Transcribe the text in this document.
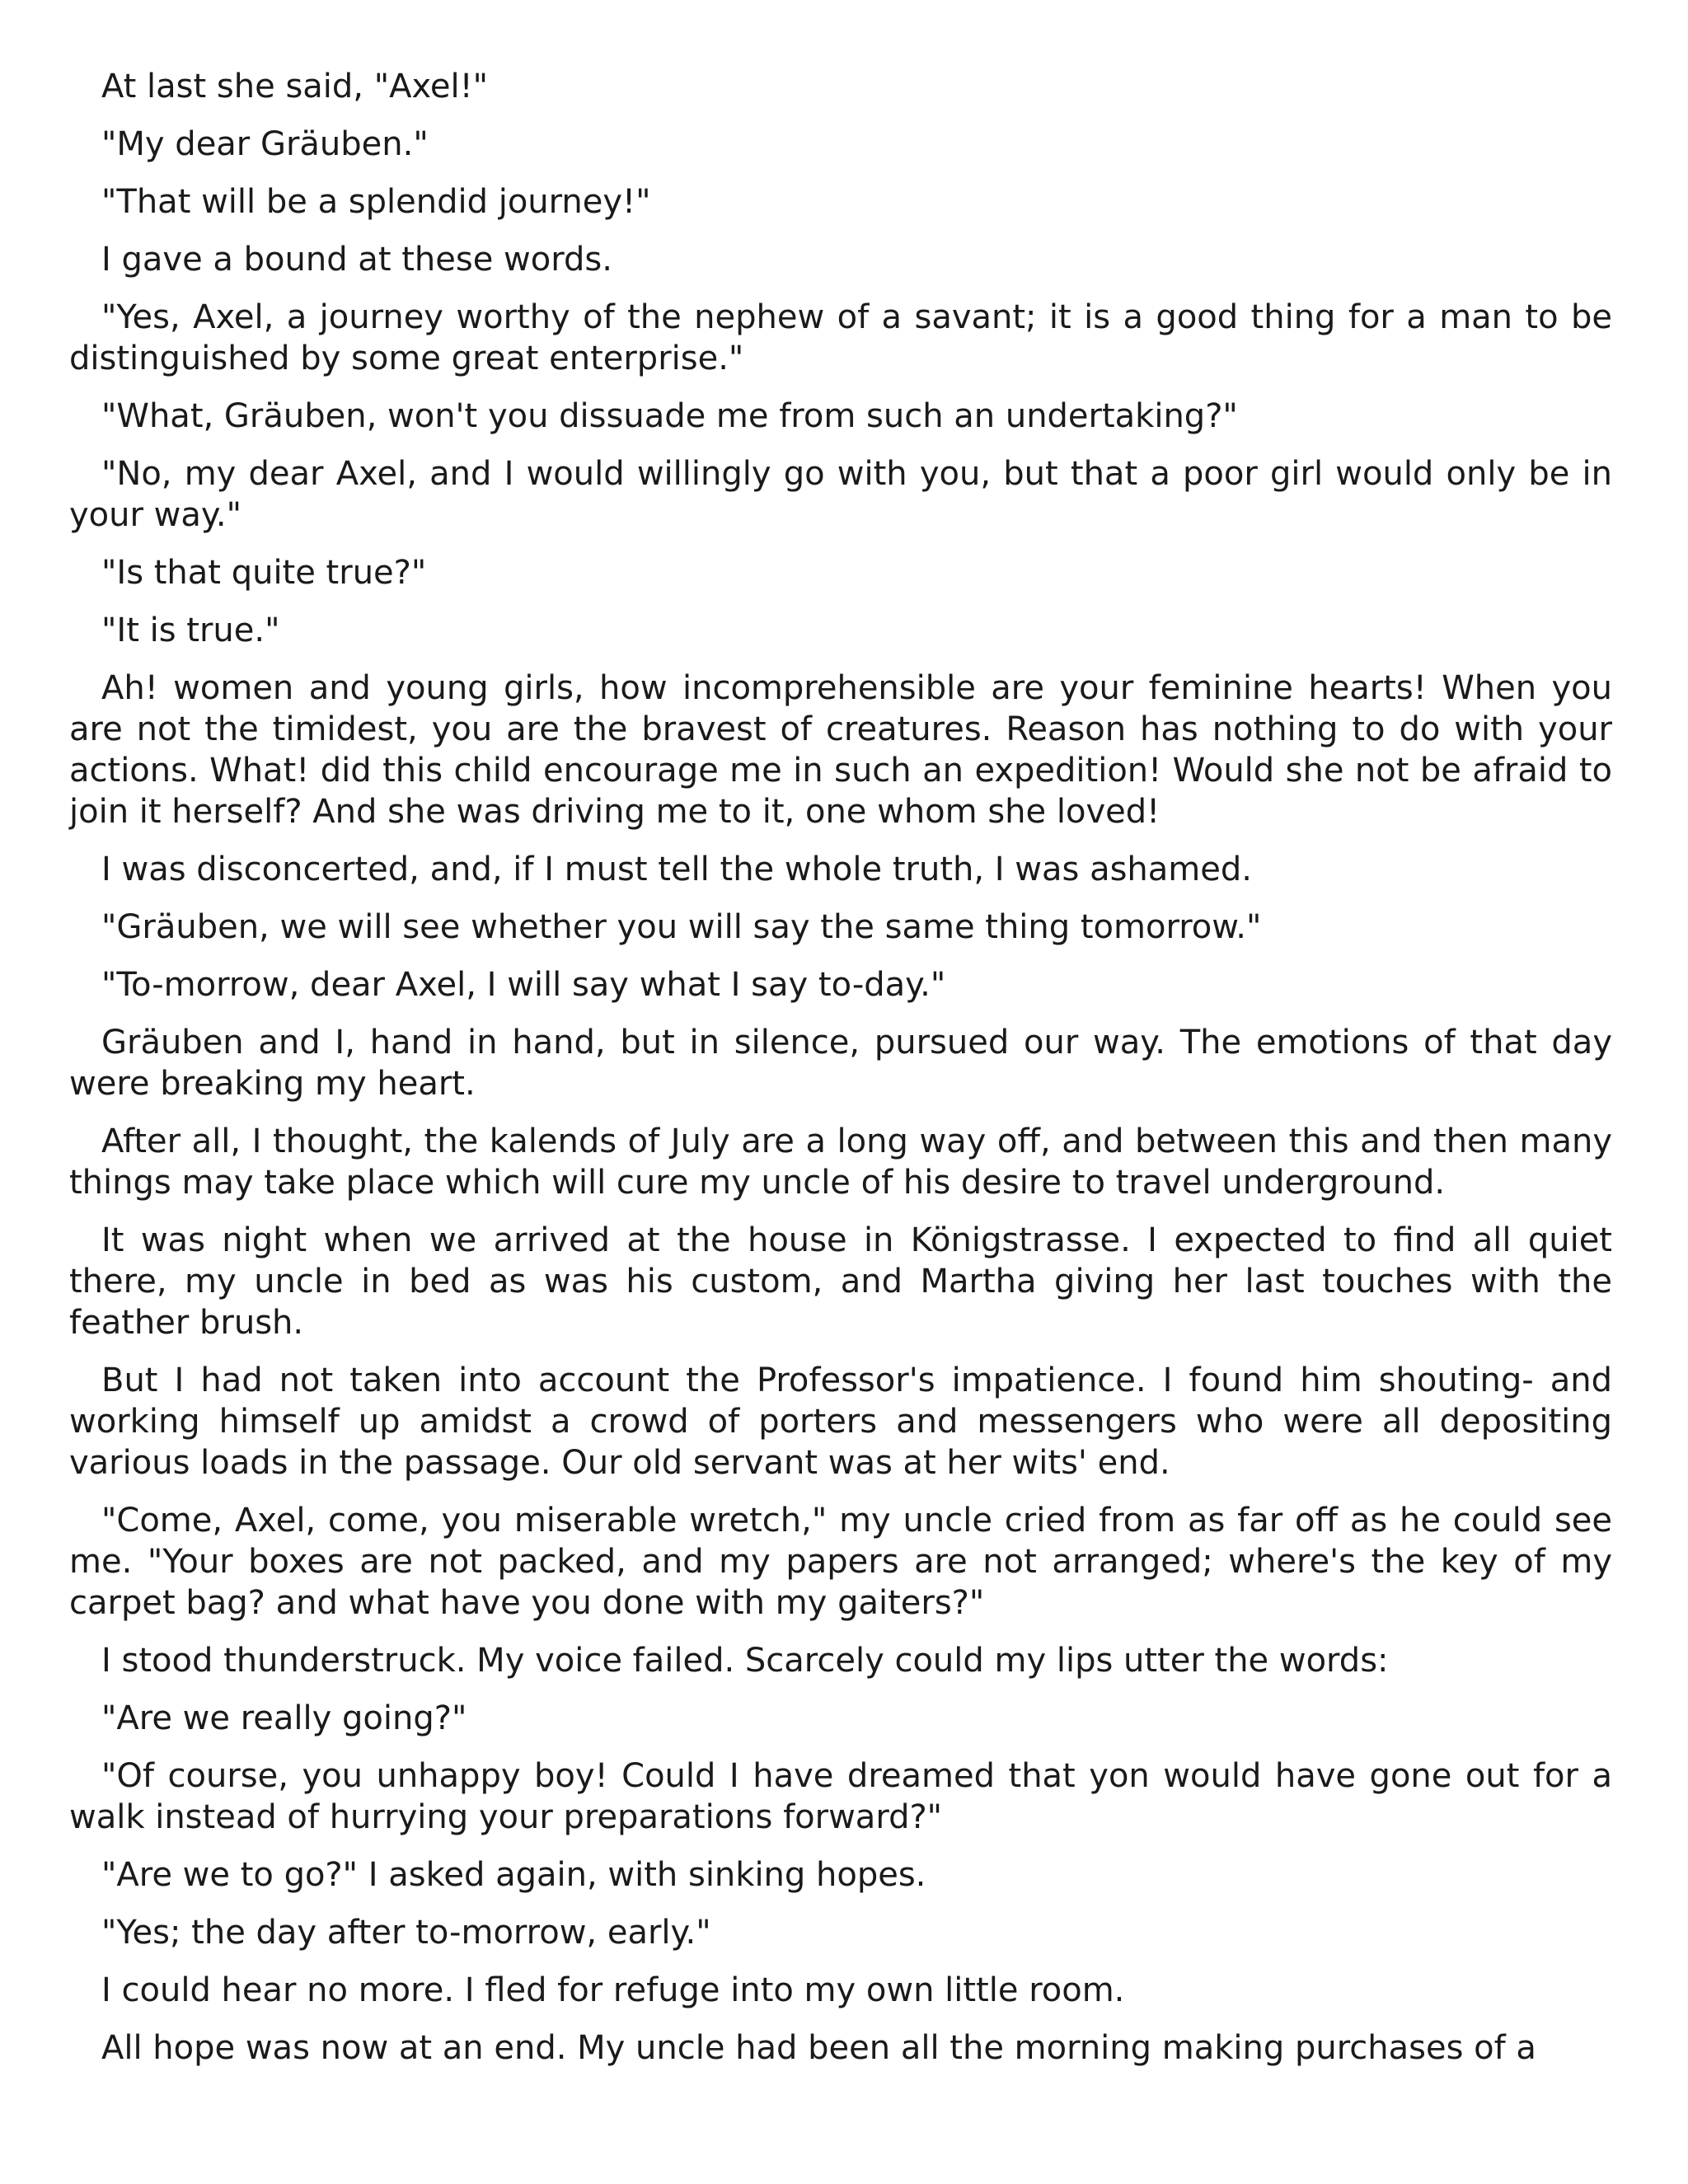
At last she said, "Axel!"

"My dear Gräuben."

"That will be a splendid journey!"

I gave a bound at these words.

"Yes, Axel, a journey worthy of the nephew of a savant; it is a good thing for a man to be distinguished by some great enterprise."

"What, Gräuben, won't you dissuade me from such an undertaking?"

"No, my dear Axel, and I would willingly go with you, but that a poor girl would only be in your way."

"Is that quite true?"

"It is true."

Ah! women and young girls, how incomprehensible are your feminine hearts! When you are not the timidest, you are the bravest of creatures. Reason has nothing to do with your actions. What! did this child encourage me in such an expedition! Would she not be afraid to join it herself? And she was driving me to it, one whom she loved!

I was disconcerted, and, if I must tell the whole truth, I was ashamed.

"Gräuben, we will see whether you will say the same thing tomorrow."

"To-morrow, dear Axel, I will say what I say to-day."

Gräuben and I, hand in hand, but in silence, pursued our way. The emotions of that day were breaking my heart.

After all, I thought, the kalends of July are a long way off, and between this and then many things may take place which will cure my uncle of his desire to travel underground.

It was night when we arrived at the house in Königstrasse. I expected to find all quiet there, my uncle in bed as was his custom, and Martha giving her last touches with the feather brush.

But I had not taken into account the Professor's impatience. I found him shouting- and working himself up amidst a crowd of porters and messengers who were all depositing various loads in the passage. Our old servant was at her wits' end.

"Come, Axel, come, you miserable wretch," my uncle cried from as far off as he could see me. "Your boxes are not packed, and my papers are not arranged; where's the key of my carpet bag? and what have you done with my gaiters?"

I stood thunderstruck. My voice failed. Scarcely could my lips utter the words:

"Are we really going?"

"Of course, you unhappy boy! Could I have dreamed that yon would have gone out for a walk instead of hurrying your preparations forward?"

"Are we to go?" I asked again, with sinking hopes.

"Yes; the day after to-morrow, early."

I could hear no more. I fled for refuge into my own little room.

All hope was now at an end. My uncle had been all the morning making purchases of a
